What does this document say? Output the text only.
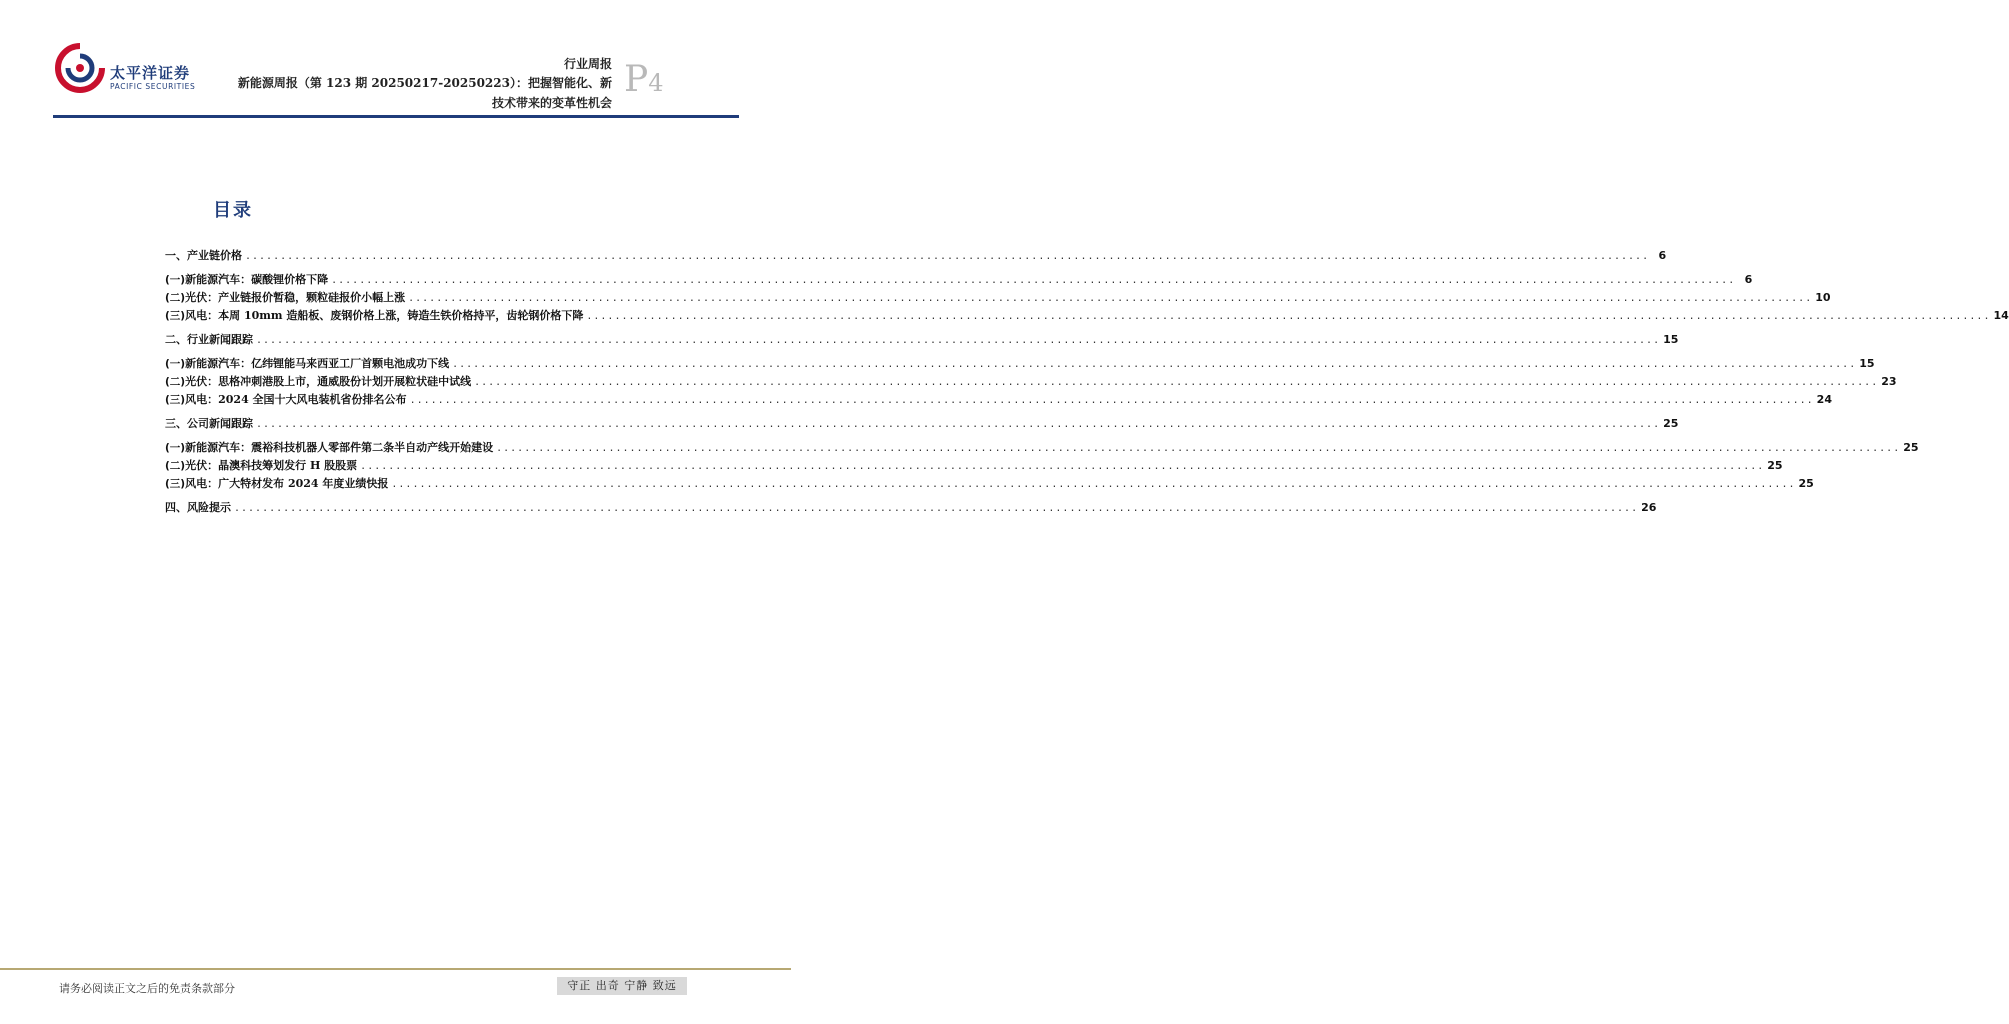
太平洋证券
PACIFIC SECURITIES
行业周报
新能源周报（第 123 期 20250217-20250223）：把握智能化、新
技术带来的变革性机会
P4
目录
一、 产业链价格 ........................................................................................................................................................................................................ 6
(一) 新能源汽车：碳酸锂价格下降 ........................................................................................................................................................................................................ 6
(二) 光伏：产业链报价暂稳，颗粒硅报价小幅上涨 ........................................................................................................................................................................................................ 10
(三) 风电：本周 10mm 造船板、废钢价格上涨，铸造生铁价格持平，齿轮钢价格下降 ........................................................................................................................................................................................................ 14
二、 行业新闻跟踪 ........................................................................................................................................................................................................ 15
(一) 新能源汽车：亿纬锂能马来西亚工厂首颗电池成功下线 ........................................................................................................................................................................................................ 15
(二) 光伏：思格冲刺港股上市，通威股份计划开展粒状硅中试线 ........................................................................................................................................................................................................ 23
(三) 风电：2024 全国十大风电装机省份排名公布 ........................................................................................................................................................................................................ 24
三、 公司新闻跟踪 ........................................................................................................................................................................................................ 25
(一) 新能源汽车：震裕科技机器人零部件第二条半自动产线开始建设 ........................................................................................................................................................................................................ 25
(二) 光伏：晶澳科技筹划发行 H 股股票 ........................................................................................................................................................................................................ 25
(三) 风电：广大特材发布 2024 年度业绩快报 ........................................................................................................................................................................................................ 25
四、 风险提示 ........................................................................................................................................................................................................ 26
请务必阅读正文之后的免责条款部分	守正 出奇 宁静 致远
